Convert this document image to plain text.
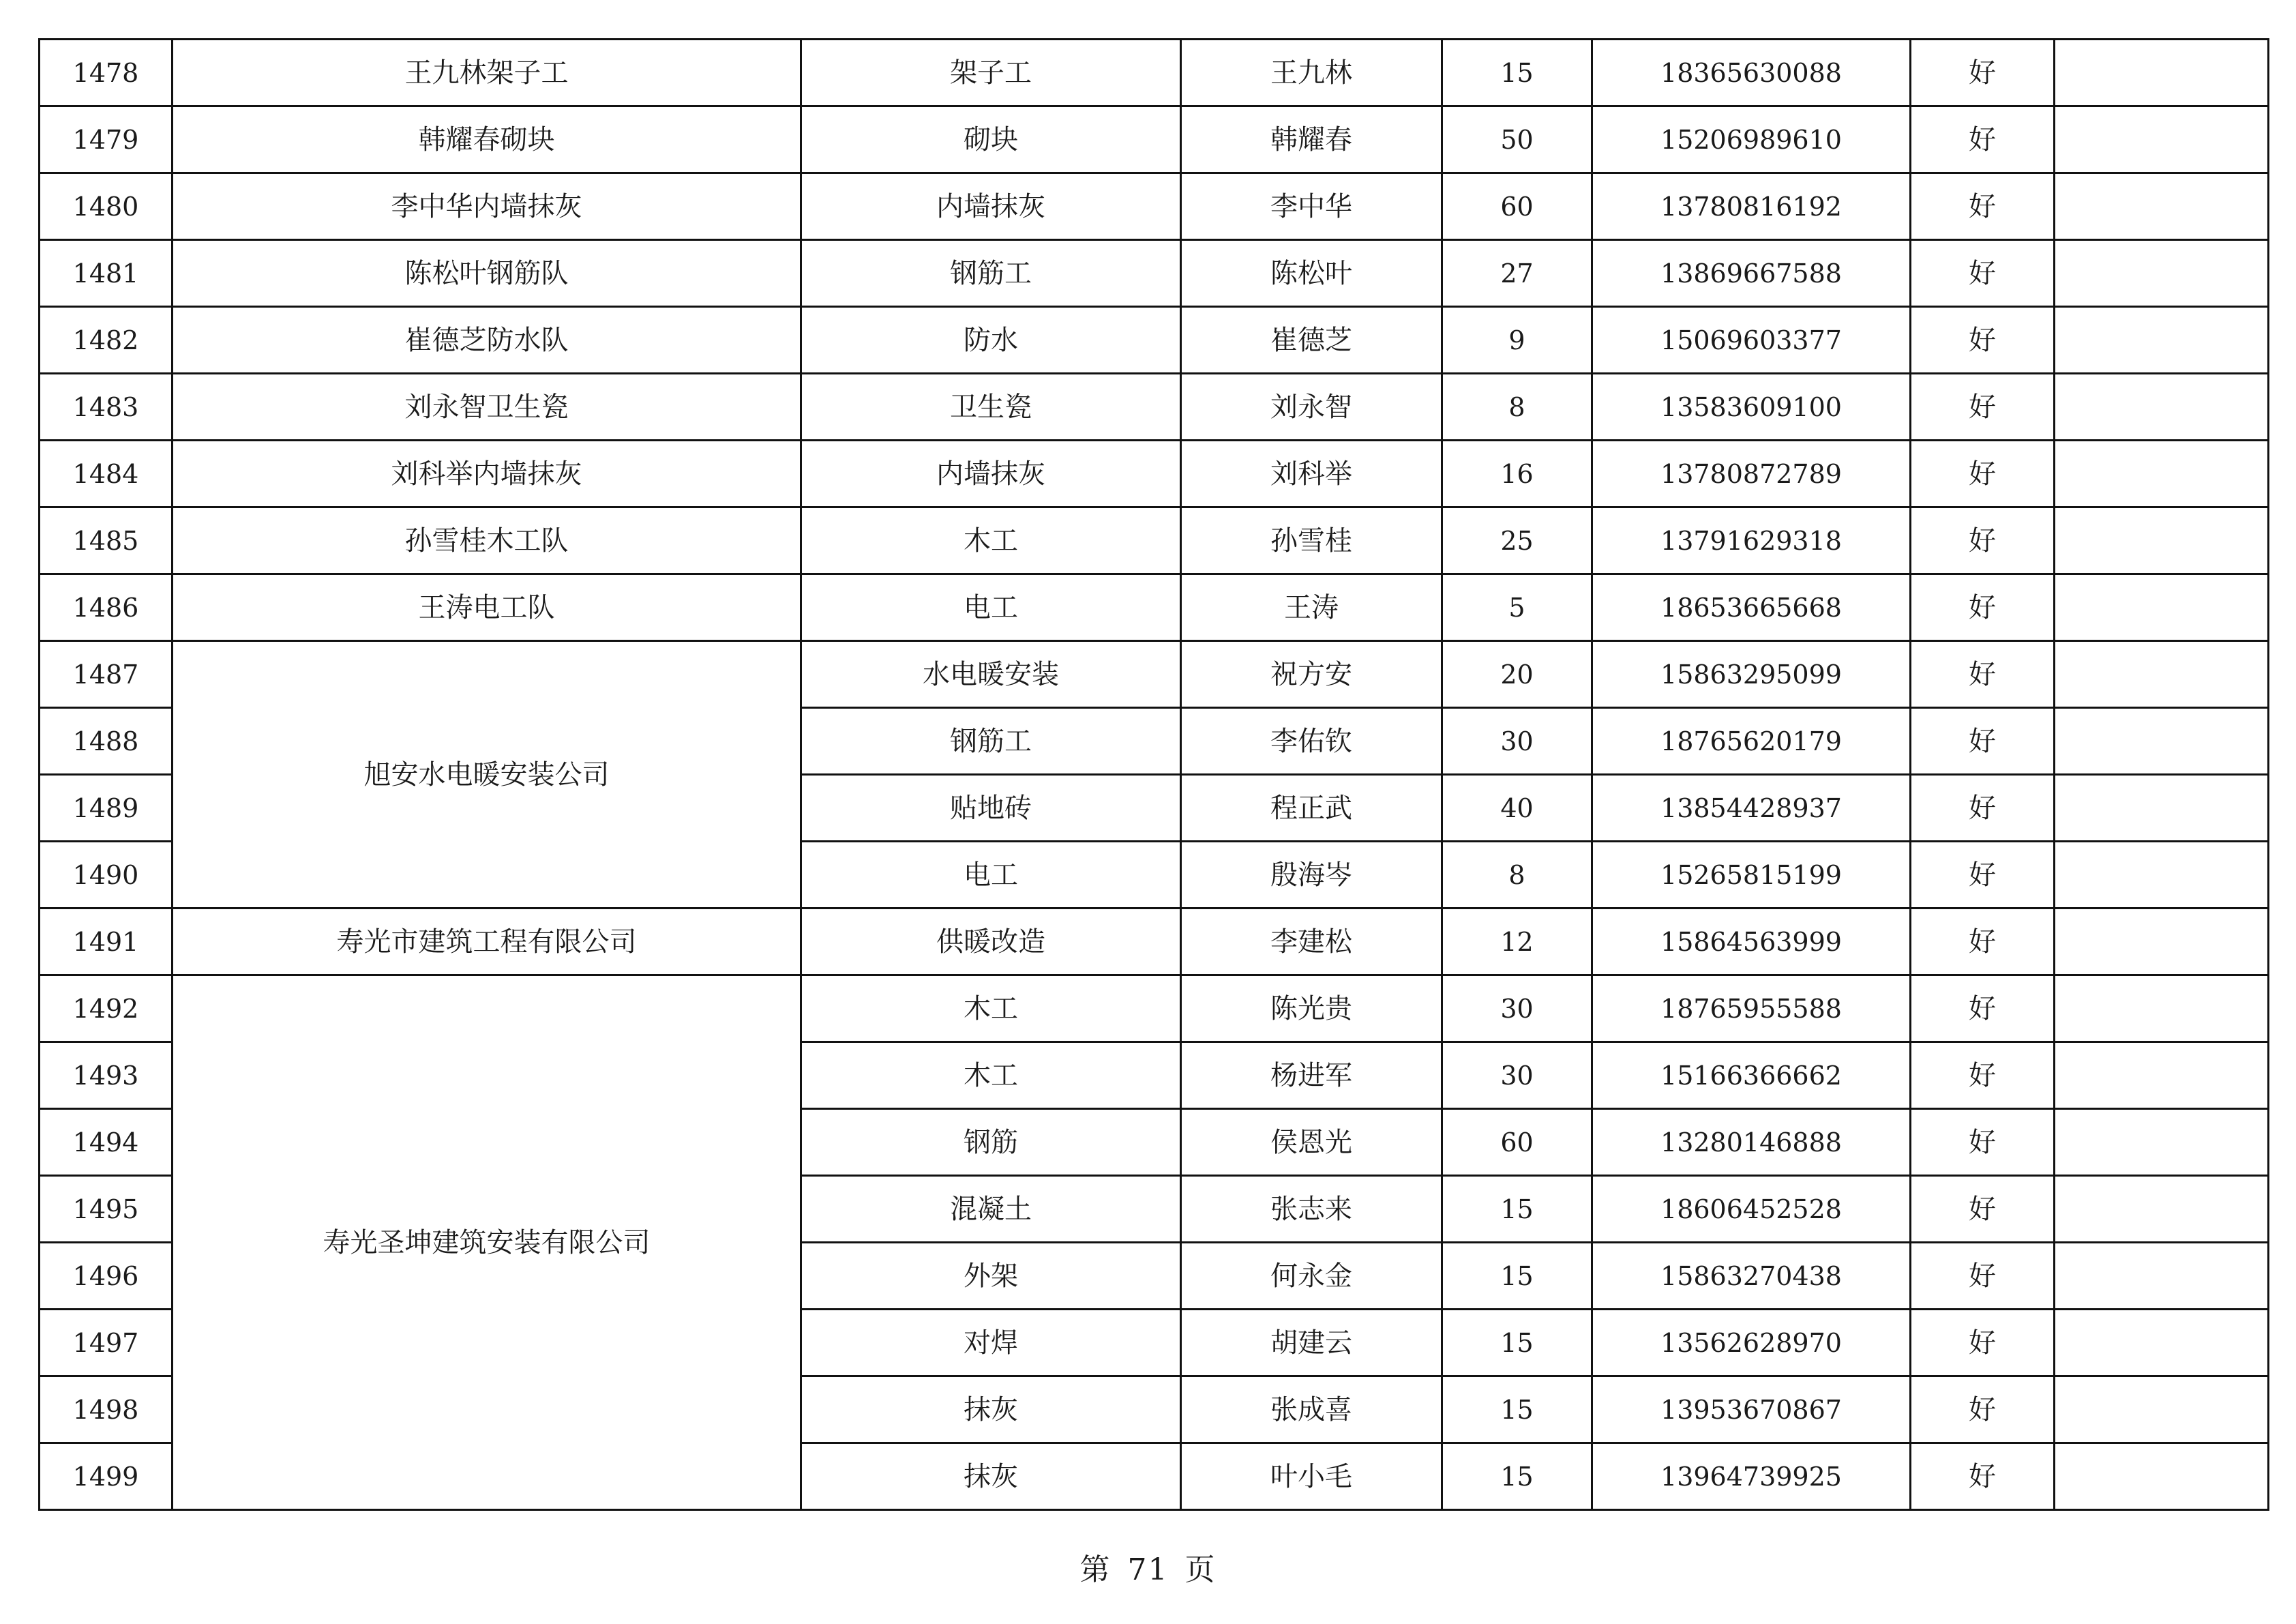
1478	王九林架子工	架子工	王九林	15	18365630088	好	
1479	韩耀春砌块	砌块	韩耀春	50	15206989610	好	
1480	李中华内墙抹灰	内墙抹灰	李中华	60	13780816192	好	
1481	陈松叶钢筋队	钢筋工	陈松叶	27	13869667588	好	
1482	崔德芝防水队	防水	崔德芝	9	15069603377	好	
1483	刘永智卫生瓷	卫生瓷	刘永智	8	13583609100	好	
1484	刘科举内墙抹灰	内墙抹灰	刘科举	16	13780872789	好	
1485	孙雪桂木工队	木工	孙雪桂	25	13791629318	好	
1486	王涛电工队	电工	王涛	5	18653665668	好	
1487	旭安水电暖安装公司	水电暖安装	祝方安	20	15863295099	好	
1488		钢筋工	李佑钦	30	18765620179	好	
1489		贴地砖	程正武	40	13854428937	好	
1490		电工	殷海岑	8	15265815199	好	
1491	寿光市建筑工程有限公司	供暖改造	李建松	12	15864563999	好	
1492	寿光圣坤建筑安装有限公司	木工	陈光贵	30	18765955588	好	
1493		木工	杨进军	30	15166366662	好	
1494		钢筋	侯恩光	60	13280146888	好	
1495		混凝土	张志来	15	18606452528	好	
1496		外架	何永金	15	15863270438	好	
1497		对焊	胡建云	15	13562628970	好	
1498		抹灰	张成喜	15	13953670867	好	
1499		抹灰	叶小毛	15	13964739925	好	
第 71 页
